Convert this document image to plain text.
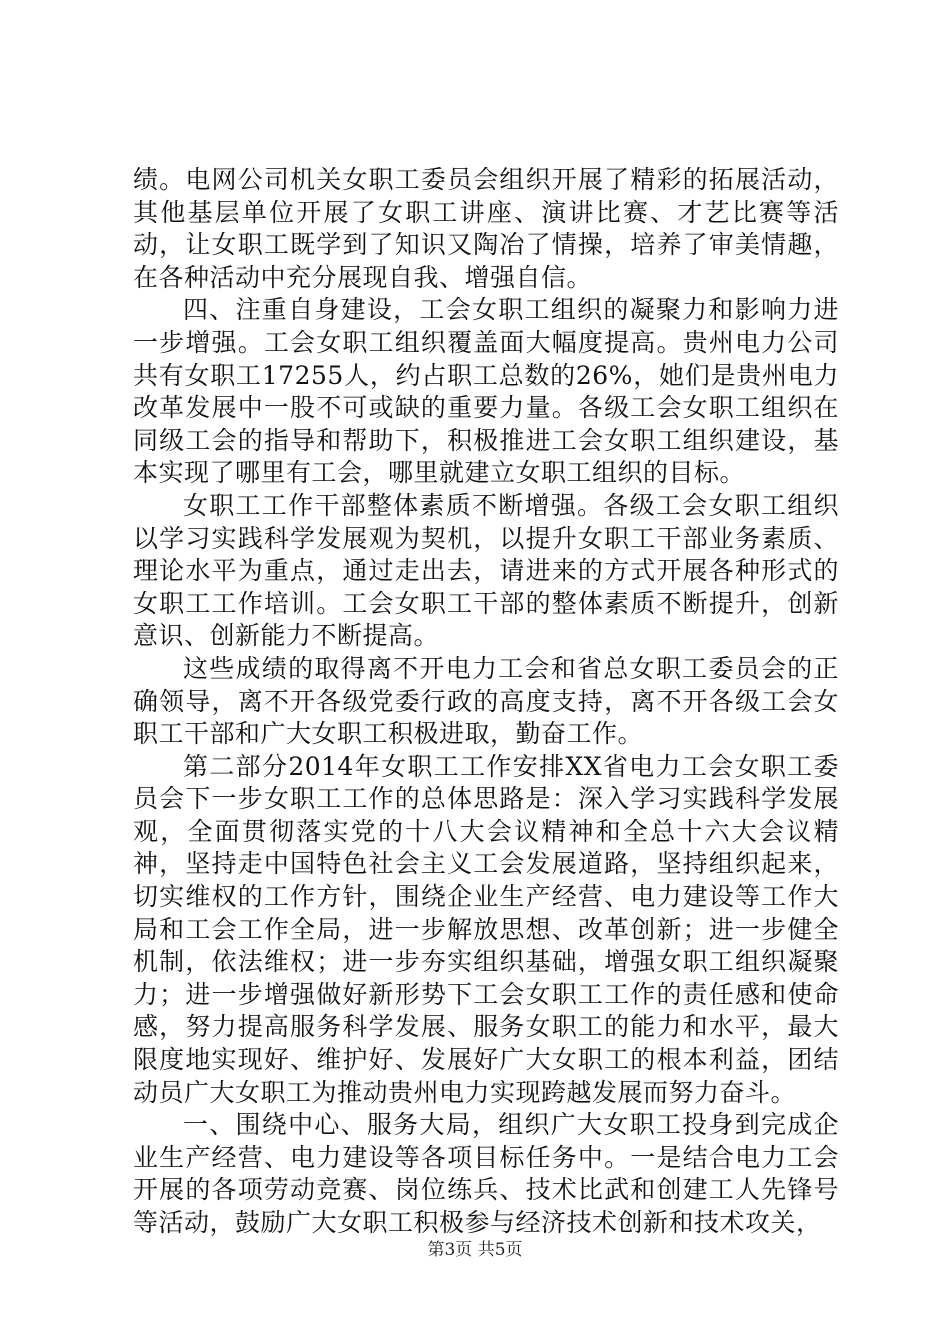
绩。电网公司机关女职工委员会组织开展了精彩的拓展活动，其他基层单位开展了女职工讲座、演讲比赛、才艺比赛等活动，让女职工既学到了知识又陶冶了情操，培养了审美情趣，在各种活动中充分展现自我、增强自信。

四、注重自身建设，工会女职工组织的凝聚力和影响力进一步增强。工会女职工组织覆盖面大幅度提高。贵州电力公司共有女职工17255人，约占职工总数的26%，她们是贵州电力改革发展中一股不可或缺的重要力量。各级工会女职工组织在同级工会的指导和帮助下，积极推进工会女职工组织建设，基本实现了哪里有工会，哪里就建立女职工组织的目标。

女职工工作干部整体素质不断增强。各级工会女职工组织以学习实践科学发展观为契机，以提升女职工干部业务素质、理论水平为重点，通过走出去，请进来的方式开展各种形式的女职工工作培训。工会女职工干部的整体素质不断提升，创新意识、创新能力不断提高。

这些成绩的取得离不开电力工会和省总女职工委员会的正确领导，离不开各级党委行政的高度支持，离不开各级工会女职工干部和广大女职工积极进取，勤奋工作。

第二部分2014年女职工工作安排XX省电力工会女职工委员会下一步女职工工作的总体思路是：深入学习实践科学发展观，全面贯彻落实党的十八大会议精神和全总十六大会议精神，坚持走中国特色社会主义工会发展道路，坚持组织起来，切实维权的工作方针，围绕企业生产经营、电力建设等工作大局和工会工作全局，进一步解放思想、改革创新；进一步健全机制，依法维权；进一步夯实组织基础，增强女职工组织凝聚力；进一步增强做好新形势下工会女职工工作的责任感和使命感，努力提高服务科学发展、服务女职工的能力和水平，最大限度地实现好、维护好、发展好广大女职工的根本利益，团结动员广大女职工为推动贵州电力实现跨越发展而努力奋斗。

一、围绕中心、服务大局，组织广大女职工投身到完成企业生产经营、电力建设等各项目标任务中。一是结合电力工会开展的各项劳动竞赛、岗位练兵、技术比武和创建工人先锋号等活动，鼓励广大女职工积极参与经济技术创新和技术攻关，

第3页 共5页
